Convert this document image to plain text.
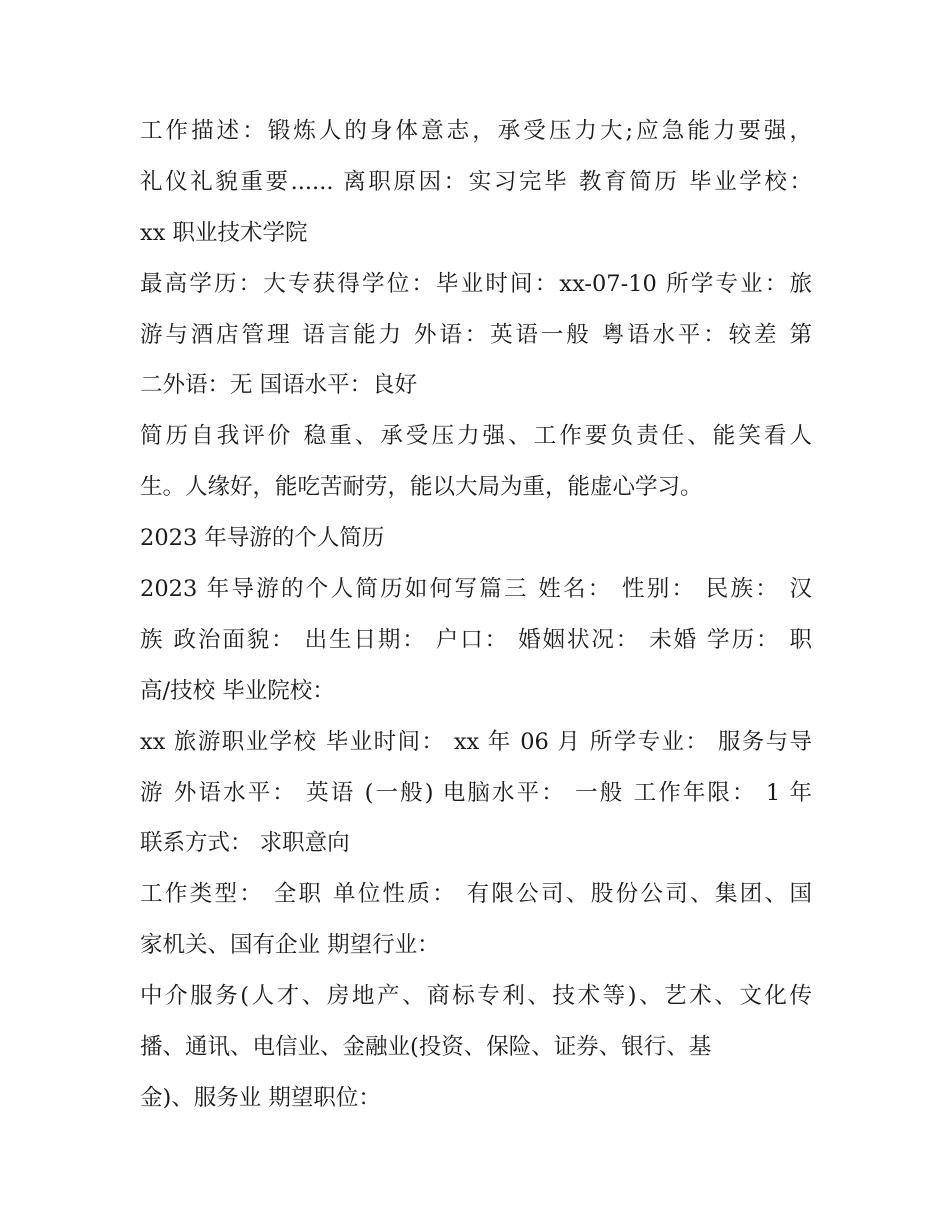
工作描述：锻炼人的身体意志，承受压力大;应急能力要强，
礼仪礼貌重要...... 离职原因：实习完毕 教育简历 毕业学校：
xx 职业技术学院

最高学历：大专获得学位：毕业时间：xx-07-10 所学专业：旅
游与酒店管理 语言能力 外语：英语一般 粤语水平：较差 第
二外语：无 国语水平：良好

简历自我评价 稳重、承受压力强、工作要负责任、能笑看人
生。人缘好，能吃苦耐劳，能以大局为重，能虚心学习。

2023 年导游的个人简历

2023 年导游的个人简历如何写篇三 姓名： 性别： 民族： 汉
族 政治面貌： 出生日期： 户口： 婚姻状况： 未婚 学历： 职
高/技校 毕业院校：

xx 旅游职业学校 毕业时间： xx 年 06 月 所学专业： 服务与导
游 外语水平： 英语 (一般) 电脑水平： 一般 工作年限： 1 年
联系方式： 求职意向

工作类型： 全职 单位性质： 有限公司、股份公司、集团、国
家机关、国有企业 期望行业：

中介服务(人才、房地产、商标专利、技术等)、艺术、文化传
播、通讯、电信业、金融业(投资、保险、证券、银行、基
金)、服务业 期望职位：
